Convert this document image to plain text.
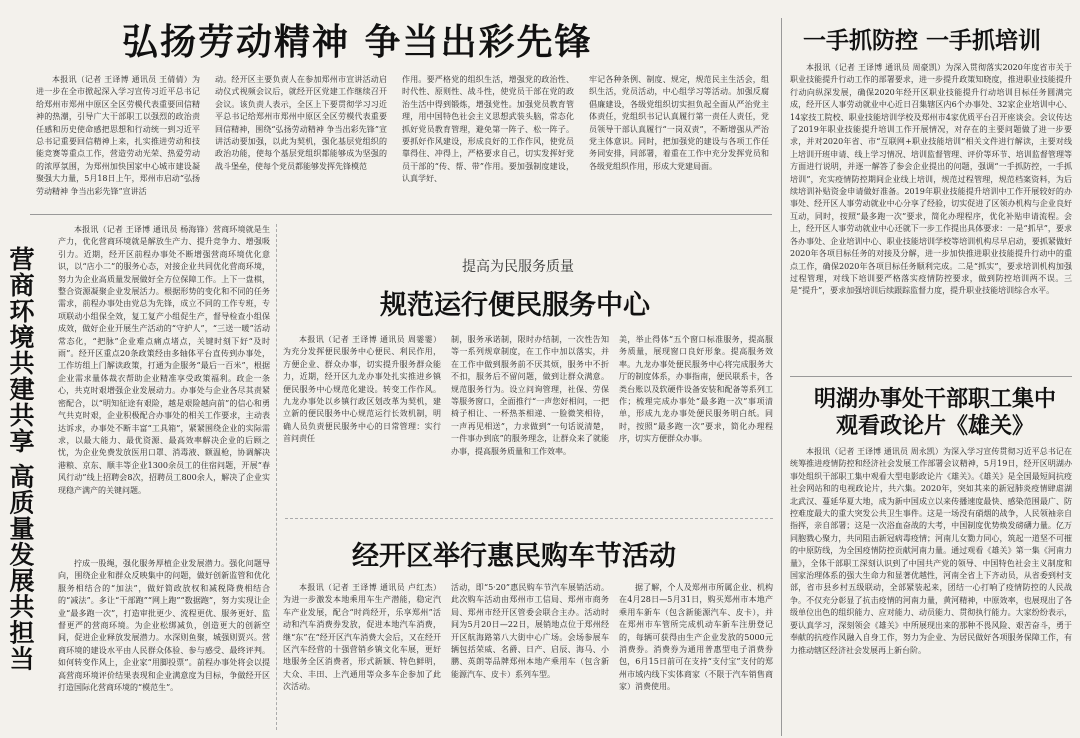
弘扬劳动精神 争当出彩先锋

本报讯（记者 王译博 通讯员 王倩倩）为进一步在全市掀起深入学习宣传习近平总书记给郑州市郑州中原区全区劳模代表重要回信精神的热潮，引导广大干部职工以强烈的政治责任感和历史使命感把思想和行动统一到习近平总书记重要回信精神上来，扎实推进劳动和技能竞赛等重点工作，营造劳动光荣、热爱劳动的浓厚氛围，为郑州加快国家中心城市建设凝聚强大力量，5月18日上午，郑州市启动“弘扬劳动精神 争当出彩先锋”宣讲活

动。经开区主要负责人在参加郑州市宣讲活动启动仪式视频会议后，就经开区党建工作继续召开会议。该负责人表示，全区上下要贯彻学习习近平总书记给郑州市郑州中原区全区劳模代表重要回信精神，围绕“弘扬劳动精神 争当出彩先锋”宣讲活动要加强，以此为契机，强化基层党组织的政治功能，使每个基层党组织都能够成为坚强的战斗堡垒，使每个党员都能够发挥先锋模范

作用。要严格党的组织生活，增强党的政治性、时代性、原则性、战斗性，使党员干部在党的政治生活中得到锻炼，增强党性。加强党员教育管理，用中国特色社会主义思想武装头脑，常态化抓好党员教育管理，避免第一阵子、松一阵子。要抓好作风建设，形成良好的工作作风，使党员靠得住、冲得上，严格要求自己，切实发挥好党员干部的“传、帮、带”作用。要加强制度建设，认真学好、

牢记各种条例、制度、规定，规范民主生活会，组织生活，党员活动，中心组学习等活动。加强反腐倡廉建设，各级党组织切实担负起全面从严治党主体责任，党组织书记认真履行第一责任人责任，党员领导干部认真履行“一岗双责”，不断增强从严治党主体意识。同时，把加强党的建设与各项工作任务同安排，同部署，着重在工作中充分发挥党员和各级党组织作用，形成大党建局面。

一手抓防控 一手抓培训

本报讯（记者 王译博 通讯员 周豪凯）为深入贯彻落实2020年度省市关于职业技能提升行动工作的部署要求，进一步提升政策知晓度，推进职业技能提升行动向纵深发展，确保2020年经开区职业技能提升行动培训目标任务圆满完成，经开区人事劳动就业中心近日召集辖区内6个办事处、32家企业培训中心、14家技工院校、职业技能培训学校及郑州市4家优质平台召开座谈会。会议传达了2019年职业技能提升培训工作开展情况，对存在的主要问题做了进一步要求，并对2020年省、市“互联网+职业技能培训”相关文件进行解读，主要对线上培训开班申请、线上学习情况、培训监督管理、评价等环节、培训监督管理等方面进行说明，并逐一解答了参会企业提出的问题，强调“一手抓防控，一手抓培训”，充实疫情防控期间企业线上培训，规范过程管理，规范档案资料，为后续培训补贴资金申请做好准备。2019年职业技能提升培训中工作开展较好的办事处、经开区人事劳动就业中心分享了经验，切实促进了区领办机构与企业良好互动，同时，按照“最多跑一次”要求，简化办理程序，优化补贴申请流程。会上，经开区人事劳动就业中心还就下一步工作提出具体要求：一是“抓早”，要求各办事处、企业培训中心、职业技能培训学校等培训机构尽早启动，要抓紧做好2020年各项目标任务的对接及分解，进一步加快推进职业技能提升行动中的重点工作，确保2020年各项目标任务顺利完成。二是“抓实”，要求培训机构加强过程管理，对线下培训要严格落实疫情防控要求，做到防控培训两不误。三是“提升”，要求加强培训后续跟踪监督力度，提升职业技能培训综合水平。

营商环境共建共享 高质量发展共担当

本报讯（记者 王译博 通讯员 杨海锋）营商环境就是生产力，优化营商环境就是解放生产力、提升竞争力、增强吸引力。近期，经开区前程办事处不断增强营商环境优化意识，以“店小二”的服务心态，对接企业共同优化营商环境，努力为企业高质量发展做好全方位保障工作。上下一盘棋，整合资源凝聚企业发展活力。根据形势的变化和不同的任务需求，前程办事处由党总为先锋，成立不同的工作专班，专项联动小组保全效，复工复产小组促生产，督导检查小组保成效，做好企业开展生产活动的“守护人”，“三送一暖”活动常态化，“把脉”企业难点痛点堵点，关键时刻下好“及时雨”。经开区重点20条政策经由多轴体平台直传到办事处，工作坊组上门解读政策，打通为企服务“最后一百米”，根据企业需求量体裁衣帮助企业精准享受政策福利。政企一条心，共克时艰增强企业发展动力。办事处与企业各尽其责紧密配合，以“明知征途有艰险，越是艰险越向前”的信心和勇气共克时艰，企业积极配合办事处的相关工作要求，主动表达诉求，办事处不断丰富“工具箱”，紧紧围绕企业的实际需求，以最大能力、最优资源、最高效率解决企业的后顾之忧，为企业免费发放医用口罩、消毒液、额温枪，协调解决港粮、京东、顺丰等企业1300余员工的住宿问题，开展“春风行动”线上招聘会8次，招聘员工800余人，解决了企业实现稳产满产的关键问题。

拧成一股绳，强化服务厚植企业发展潜力。强化问题导向，围绕企业和群众反映集中的问题，做好创新监管和优化服务相结合的“加法”，做好简政放权和减税降费相结合的“减法”。多让“干部跑”“网上跑”“数据跑”，努力实现让企业“最多跑一次”，打造审批更少、流程更优、服务更好、监督更严的营商环境。为企业松绑减负，创造更大的创新空间，促进企业释放发展潜力。水深则鱼聚，城强则贾兴。营商环境的建设水平由人民群众体验、参与感受、最终评判。如何转变作风上，企业家“用脚投票”。前程办事处将会以提高营商环境评价结果表现和企业满意度为目标，争做经开区打造国际化营商环境的“模范生”。

提高为民服务质量
规范运行便民服务中心

本报讯（记者 王译博 通讯员 周霎霎）为充分发挥便民服务中心便民、利民作用，方便企业、群众办事，切实提升服务群众能力，近期，经开区九龙办事处扎实推进乡镇便民服务中心规范化建设。转变工作作风。九龙办事处以乡镇行政区划改革为契机，建立新的便民服务中心规范运行长效机制，明确人员负责便民服务中心的日常管理：实行首问责任

制，服务承诺制，限时办结制，一次性告知等一系列规章制度，在工作中加以落实，并在工作中做到服务前不厌其烦，服务中不折不扣，服务后不留问题，做到让群众满意。规范服务行为。设立问询管理，社保、劳保等服务窗口，全面推行“一声您好相问，一把椅子相让、一杯热茶相递、一脸微笑相待，一声再见相送”，力求做到“一句话说清楚，一件事办到底”的服务理念，让群众来了就能办事，提高服务质量和工作效率。

美，举止得体“五个窗口标准服务，提高服务质量，展现窗口良好形象。提高服务效率。九龙办事处便民服务中心将完成服务大厅的制度体系，办事指南，便民联系卡，各类台账以及软硬件设备安装和配备等系列工作；梳理完成办事处“最多跑一次”事项清单，形成九龙办事处便民服务明白纸。同时，按照“最多跑一次”要求，简化办理程序，切实方便群众办事。

明湖办事处干部职工集中观看政论片《雄关》

本报讯（记者 王译博 通讯员 周永凯）为深入学习宣传贯彻习近平总书记在统筹推进疫情防控和经济社会发展工作部署会议精神，5月19日，经开区明湖办事处组织干部职工集中观看大型电影政论片《雄关》。《雄关》是全国最短间抗疫社会网站和的电视政论片，共六集。2020年，突如其来的新冠肺炎疫情肆虐湖北武汉、蔓延华夏大地，成为新中国成立以来传播速度最快、感染范围最广、防控难度最大的重大突发公共卫生事件。这是一场没有硝烟的战争，人民领袖亲自指挥，亲自部署；这是一次浴血奋战的大考，中国制度优势焕发磅礴力量。亿万同胞戮心聚力，共同阻击新冠病毒疫情；河南儿女勠力同心，筑起一道坚不可摧的中原防线，为全国疫情防控贡献河南力量。通过观看《雄关》第一集《河南力量》，全体干部职工深刻认识到了中国共产党的领导、中国特色社会主义制度和国家治理体系的强大生命力和显著优越性，河南全省上下齐动员，从省委到村支部，省市县乡村五级联动，全部紧装起来，团结一心打响了疫情防控的人民战争。不仅充分彰显了抗击疫情的河南力量，黄河精神，中原效率，也展现出了各级单位出色的组织能力、应对能力、动员能力、贯彻执行能力。大家纷纷表示，要认真学习，深刻领会《雄关》中所展现出来的那种不畏风险、艰苦奋斗，勇于奉献的抗疫作风融入自身工作，努力为企业、为居民做好各项服务保障工作，有力推动辖区经济社会发展再上新台阶。

经开区举行惠民购车节活动

本报讯（记者 王译博 通讯员 卢红杰）为进一步激发本地乘用车生产潜能，稳定汽车产业发展，配合“时尚经开，乐享郑州”活动和汽车消费券发放，促进本地汽车消费，继“东”在“经开区汽车消费大会后，又在经开区汽车经营的十强营销乡镇文化车展，更好地服务全区消费者，形式新颖、特色鲜明，大众、丰田、上汽通用等众多车企参加了此次活动。

活动，即“5·20”惠民购车节汽车展销活动。此次购车活动由郑州市工信局、郑州市商务局、郑州市经开区管委会联合主办。活动时间为5月20日—22日，展销地点位于郑州经开区航海路第八大街中心广场。会场参展车辆包括荣威、名爵、日产、启辰、海马、小鹏、英朗等品牌郑州本地产乘用车（包含新能源汽车、皮卡）系列车型。

据了解，个人及郑州市所属企业、机构在4月28日—5月31日，购买郑州市本地产乘用车新车（包含新能源汽车、皮卡），并在郑州市车管所完成机动车新车注册登记的，每辆可获得由生产企业发放的5000元消费券。消费券为通用普惠型电子消费券包，6月15日前可在支持“支付宝”支付的郑州市域内线下实体商家（不限于汽车销售商家）消费使用。
